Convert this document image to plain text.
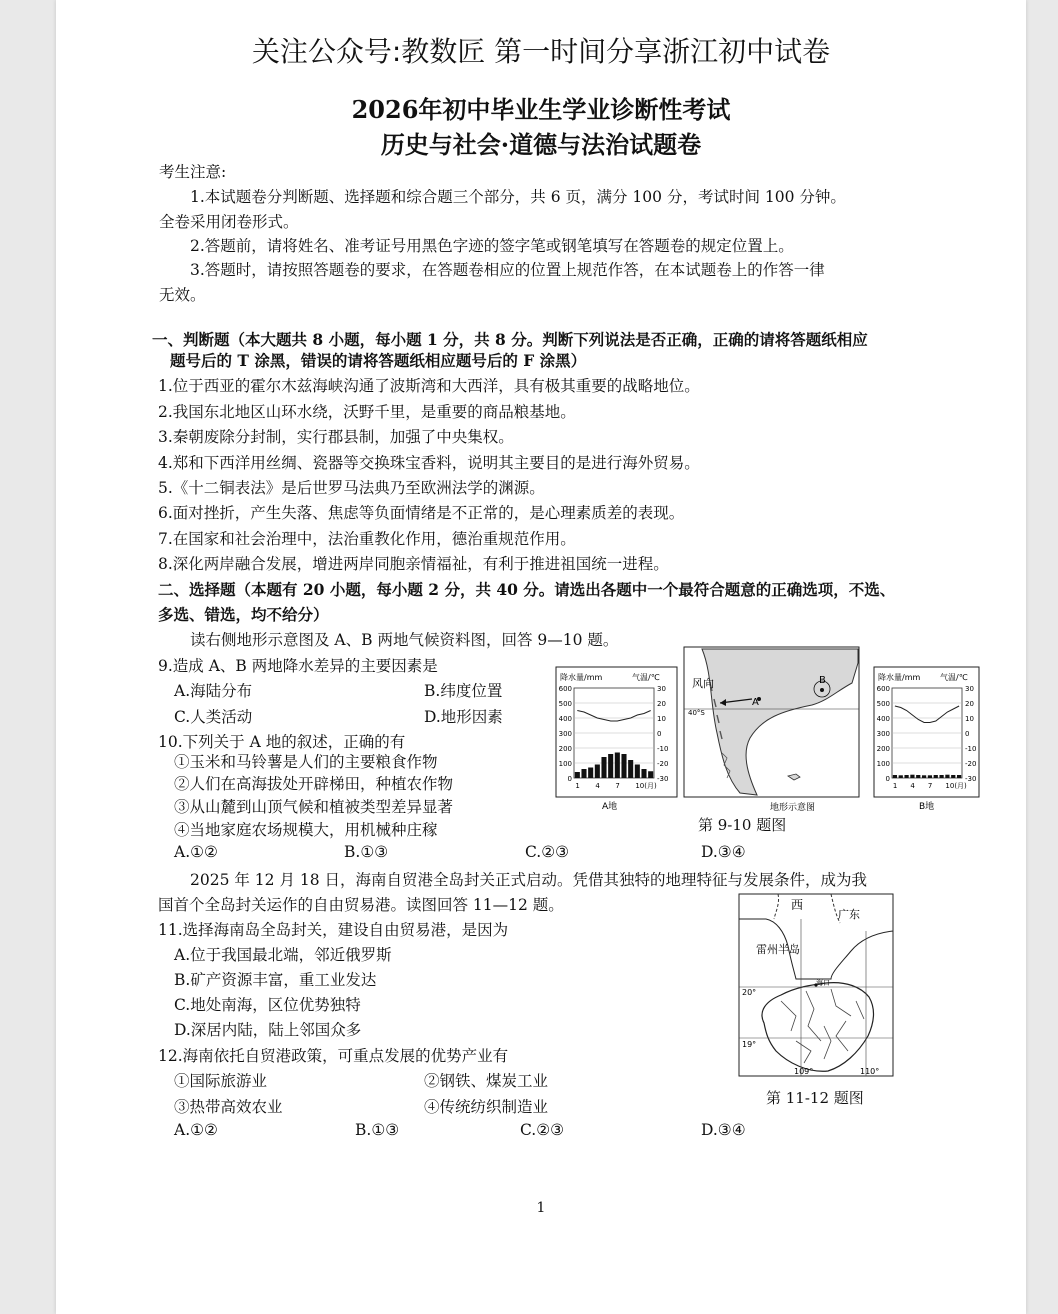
关注公众号:教数匠 第一时间分享浙江初中试卷
2026年初中毕业生学业诊断性考试
历史与社会·道德与法治试题卷
考生注意:
1.本试题卷分判断题、选择题和综合题三个部分，共 6 页，满分 100 分，考试时间 100 分钟。
全卷采用闭卷形式。
2.答题前，请将姓名、准考证号用黑色字迹的签字笔或钢笔填写在答题卷的规定位置上。
3.答题时，请按照答题卷的要求，在答题卷相应的位置上规范作答，在本试题卷上的作答一律
无效。
一、判断题（本大题共 8 小题，每小题 1 分，共 8 分。判断下列说法是否正确，正确的请将答题纸相应
题号后的 T 涂黑，错误的请将答题纸相应题号后的 F 涂黑）
1.位于西亚的霍尔木兹海峡沟通了波斯湾和大西洋，具有极其重要的战略地位。
2.我国东北地区山环水绕，沃野千里，是重要的商品粮基地。
3.秦朝废除分封制，实行郡县制，加强了中央集权。
4.郑和下西洋用丝绸、瓷器等交换珠宝香料，说明其主要目的是进行海外贸易。
5.《十二铜表法》是后世罗马法典乃至欧洲法学的渊源。
6.面对挫折，产生失落、焦虑等负面情绪是不正常的，是心理素质差的表现。
7.在国家和社会治理中，法治重教化作用，德治重规范作用。
8.深化两岸融合发展，增进两岸同胞亲情福祉，有利于推进祖国统一进程。
二、选择题（本题有 20 小题，每小题 2 分，共 40 分。请选出各题中一个最符合题意的正确选项，不选、
多选、错选，均不给分）
读右侧地形示意图及 A、B 两地气候资料图，回答 9—10 题。
9.造成 A、B 两地降水差异的主要因素是
A.海陆分布	B.纬度位置
C.人类活动	D.地形因素
10.下列关于 A 地的叙述，正确的有
①玉米和马铃薯是人们的主要粮食作物
②人们在高海拔处开辟梯田，种植农作物
③从山麓到山顶气候和植被类型差异显著
④当地家庭农场规模大，用机械种庄稼
A.①②	B.①③	C.②③	D.③④
2025 年 12 月 18 日，海南自贸港全岛封关正式启动。凭借其独特的地理特征与发展条件，成为我
国首个全岛封关运作的自由贸易港。读图回答 11—12 题。
11.选择海南岛全岛封关，建设自由贸易港，是因为
A.位于我国最北端，邻近俄罗斯
B.矿产资源丰富，重工业发达
C.地处南海，区位优势独特
D.深居内陆，陆上邻国众多
12.海南依托自贸港政策，可重点发展的优势产业有
①国际旅游业	②钢铁、煤炭工业
③热带高效农业	④传统纺织制造业
A.①②	B.①③	C.②③	D.③④
降水量/mm	气温/℃
600
500
400
300
200
100
0
30
20
10
0
-10
-20
-30
1 4 7 10(月)
A地
风向
40°S
A
B
地形示意图
降水量/mm 气温/℃
600
500
400
300
200
100
0
30
20
10
0
-10
-20
-30
1 4 7 10(月)
B地
第 9-10 题图
西
广东
雷州半岛
海口
20°
19°
109°	110°
第 11-12 题图
1
